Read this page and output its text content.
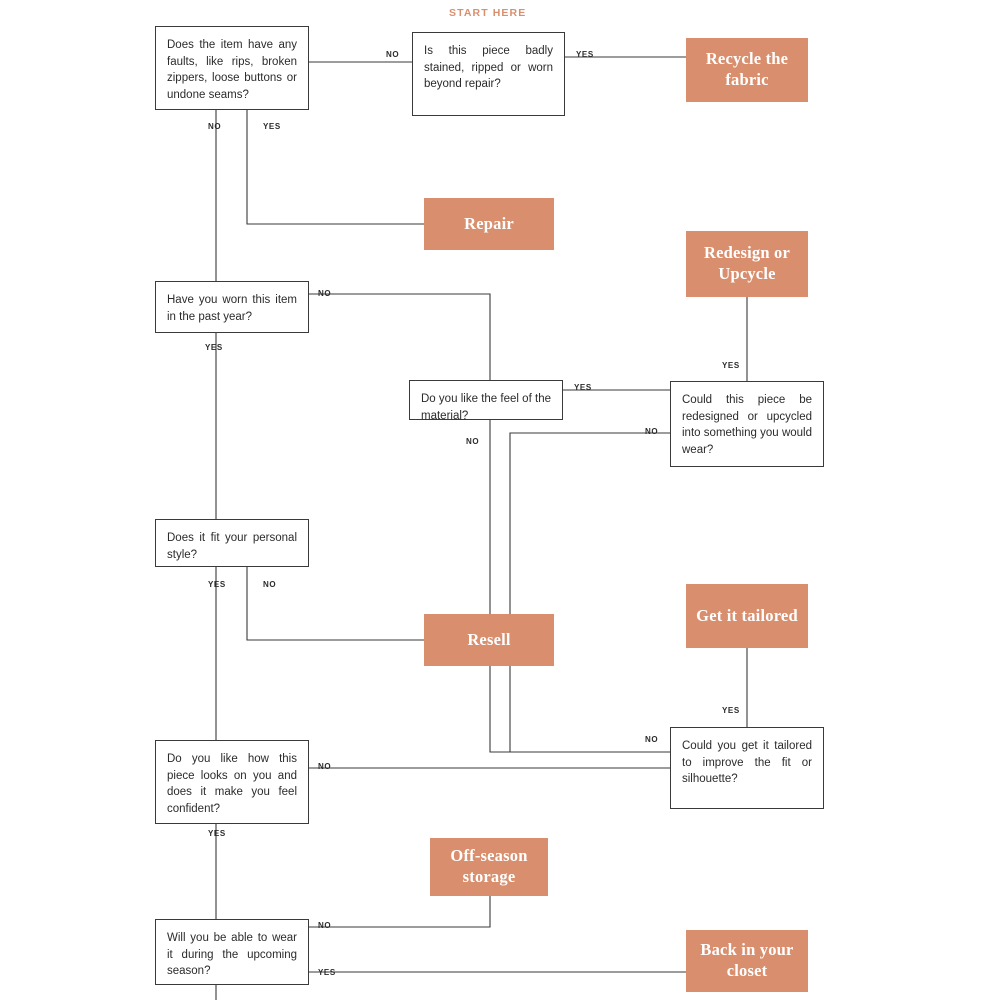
START HERE
Does the item have any faults, like rips, broken zippers, loose buttons or undone seams?
Is this piece badly stained, ripped or worn beyond repair?
Have you worn this item in the past year?
Do you like the feel of the material?
Could this piece be redesigned or upcycled into something you would wear?
Does it fit your personal style?
Could you get it tailored to improve the fit or silhouette?
Do you like how this piece looks on you and does it make you feel confident?
Will you be able to wear it during the upcoming season?
Recycle the fabric
Repair
Redesign or Upcycle
Resell
Get it tailored
Off-season storage
Back in your closet
NO	YES
NO	YES
NO
YES
YES
NO
NO
YES
NO
YES
NO
YES
NO
YES
NO
YES
